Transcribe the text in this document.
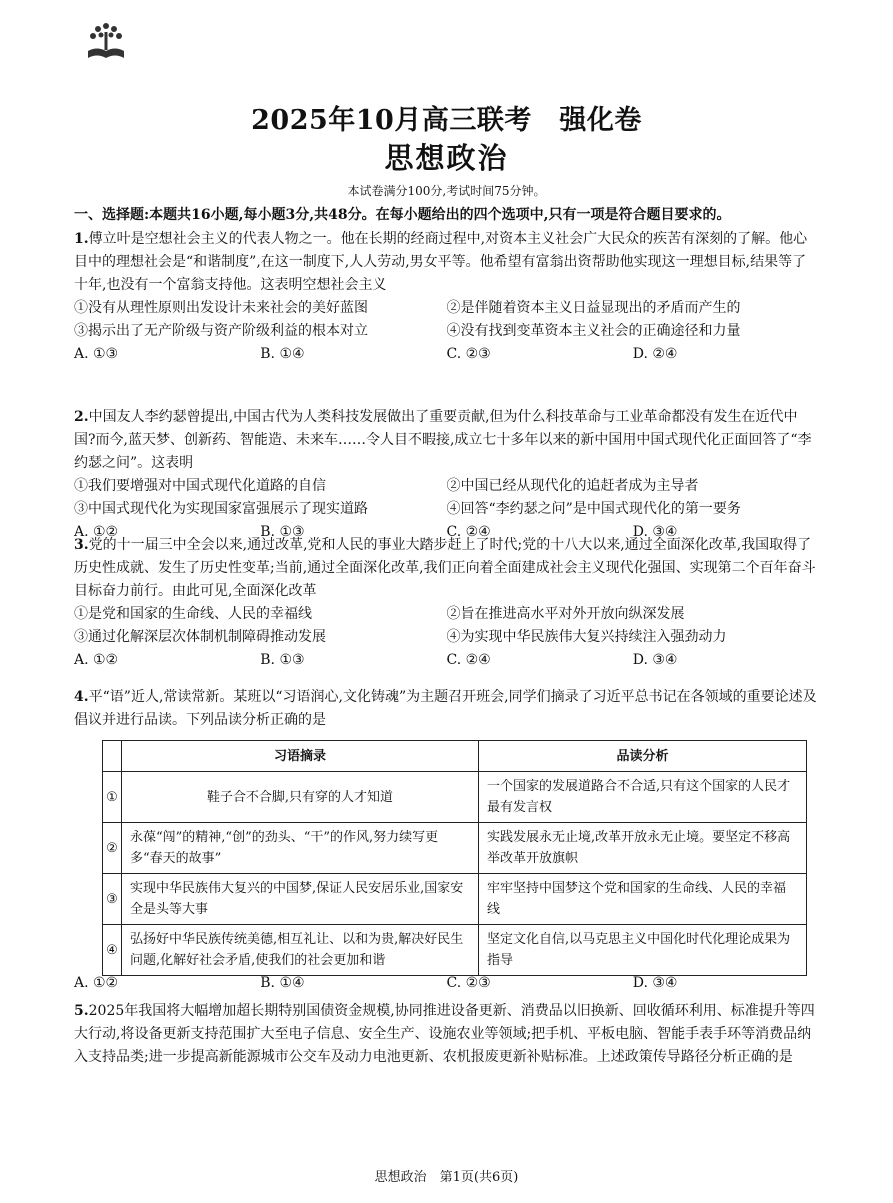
2025年10月高三联考　强化卷
思想政治
本试卷满分100分,考试时间75分钟。
一、选择题:本题共16小题,每小题3分,共48分。在每小题给出的四个选项中,只有一项是符合题目要求的。
1.傅立叶是空想社会主义的代表人物之一。他在长期的经商过程中,对资本主义社会广大民众的疾苦有深刻的了解。他心目中的理想社会是“和谐制度”,在这一制度下,人人劳动,男女平等。他希望有富翁出资帮助他实现这一理想目标,结果等了十年,也没有一个富翁支持他。这表明空想社会主义
①没有从理性原则出发设计未来社会的美好蓝图	②是伴随着资本主义日益显现出的矛盾而产生的
③揭示出了无产阶级与资产阶级利益的根本对立	④没有找到变革资本主义社会的正确途径和力量
A. ①③	B. ①④	C. ②③	D. ②④
2.中国友人李约瑟曾提出,中国古代为人类科技发展做出了重要贡献,但为什么科技革命与工业革命都没有发生在近代中国?而今,蓝天梦、创新药、智能造、未来车……令人目不暇接,成立七十多年以来的新中国用中国式现代化正面回答了“李约瑟之问”。这表明
①我们要增强对中国式现代化道路的自信	②中国已经从现代化的追赶者成为主导者
③中国式现代化为实现国家富强展示了现实道路	④回答“李约瑟之问”是中国式现代化的第一要务
A. ①②	B. ①③	C. ②④	D. ③④
3.党的十一届三中全会以来,通过改革,党和人民的事业大踏步赶上了时代;党的十八大以来,通过全面深化改革,我国取得了历史性成就、发生了历史性变革;当前,通过全面深化改革,我们正向着全面建成社会主义现代化强国、实现第二个百年奋斗目标奋力前行。由此可见,全面深化改革
①是党和国家的生命线、人民的幸福线	②旨在推进高水平对外开放向纵深发展
③通过化解深层次体制机制障碍推动发展	④为实现中华民族伟大复兴持续注入强劲动力
A. ①②	B. ①③	C. ②④	D. ③④
4.平“语”近人,常读常新。某班以“习语润心,文化铸魂”为主题召开班会,同学们摘录了习近平总书记在各领域的重要论述及倡议并进行品读。下列品读分析正确的是
	习语摘录	品读分析
①	鞋子合不合脚,只有穿的人才知道	一个国家的发展道路合不合适,只有这个国家的人民才最有发言权
②	永葆“闯”的精神,“创”的劲头、“干”的作风,努力续写更多“春天的故事”	实践发展永无止境,改革开放永无止境。要坚定不移高举改革开放旗帜
③	实现中华民族伟大复兴的中国梦,保证人民安居乐业,国家安全是头等大事	牢牢坚持中国梦这个党和国家的生命线、人民的幸福线
④	弘扬好中华民族传统美德,相互礼让、以和为贵,解决好民生问题,化解好社会矛盾,使我们的社会更加和谐	坚定文化自信,以马克思主义中国化时代化理论成果为指导
A. ①②	B. ①④	C. ②③	D. ③④
5.2025年我国将大幅增加超长期特别国债资金规模,协同推进设备更新、消费品以旧换新、回收循环利用、标准提升等四大行动,将设备更新支持范围扩大至电子信息、安全生产、设施农业等领域;把手机、平板电脑、智能手表手环等消费品纳入支持品类;进一步提高新能源城市公交车及动力电池更新、农机报废更新补贴标准。上述政策传导路径分析正确的是
思想政治　第1页(共6页)
